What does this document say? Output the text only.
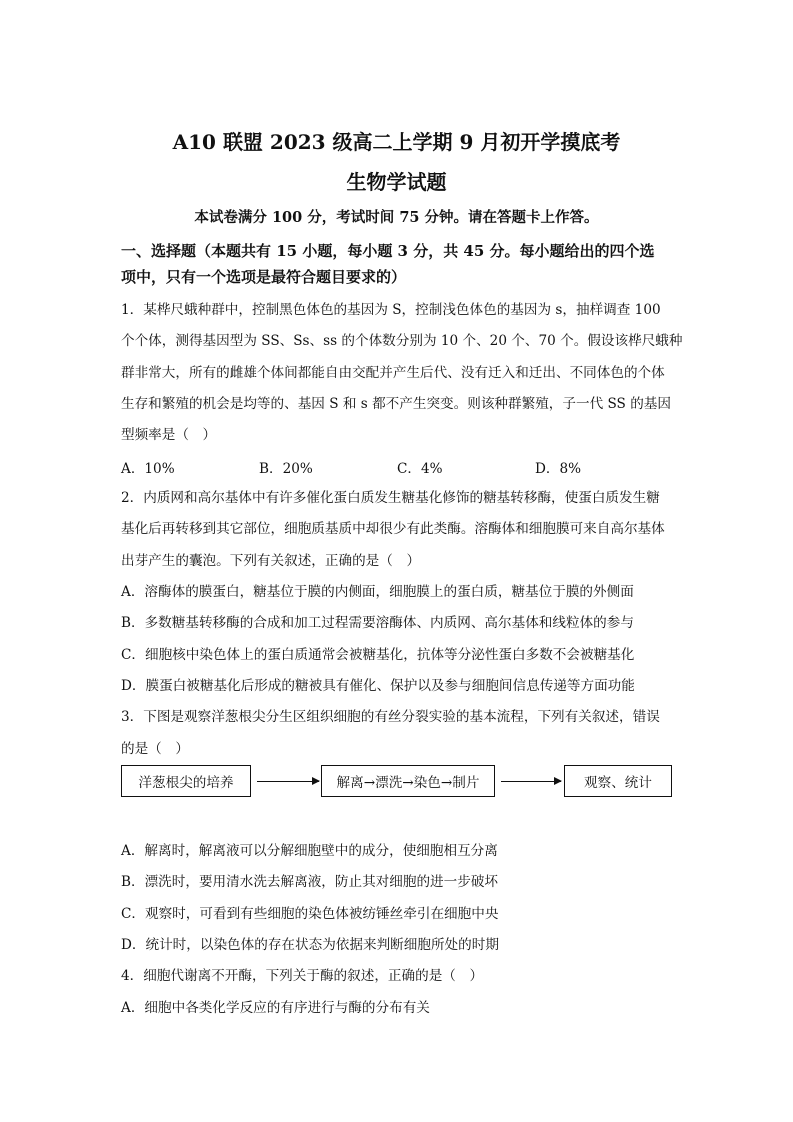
A10 联盟 2023 级高二上学期 9 月初开学摸底考
生物学试题
本试卷满分 100 分，考试时间 75 分钟。请在答题卡上作答。
一、选择题（本题共有 15 小题，每小题 3 分，共 45 分。每小题给出的四个选
项中，只有一个选项是最符合题目要求的）
1．某桦尺蛾种群中，控制黑色体色的基因为 S，控制浅色体色的基因为 s，抽样调查 100
个个体，测得基因型为 SS、Ss、ss 的个体数分别为 10 个、20 个、70 个。假设该桦尺蛾种
群非常大，所有的雌雄个体间都能自由交配并产生后代、没有迁入和迁出、不同体色的个体
生存和繁殖的机会是均等的、基因 S 和 s 都不产生突变。则该种群繁殖，子一代 SS 的基因
型频率是（　）
A．10%	B．20%	C．4%	D．8%
2．内质网和高尔基体中有许多催化蛋白质发生糖基化修饰的糖基转移酶，使蛋白质发生糖
基化后再转移到其它部位，细胞质基质中却很少有此类酶。溶酶体和细胞膜可来自高尔基体
出芽产生的囊泡。下列有关叙述，正确的是（　）
A．溶酶体的膜蛋白，糖基位于膜的内侧面，细胞膜上的蛋白质，糖基位于膜的外侧面
B．多数糖基转移酶的合成和加工过程需要溶酶体、内质网、高尔基体和线粒体的参与
C．细胞核中染色体上的蛋白质通常会被糖基化，抗体等分泌性蛋白多数不会被糖基化
D．膜蛋白被糖基化后形成的糖被具有催化、保护以及参与细胞间信息传递等方面功能
3．下图是观察洋葱根尖分生区组织细胞的有丝分裂实验的基本流程，下列有关叙述，错误
的是（　）
洋葱根尖的培养	解离→漂洗→染色→制片	观察、统计
A．解离时，解离液可以分解细胞壁中的成分，使细胞相互分离
B．漂洗时，要用清水洗去解离液，防止其对细胞的进一步破坏
C．观察时，可看到有些细胞的染色体被纺锤丝牵引在细胞中央
D．统计时，以染色体的存在状态为依据来判断细胞所处的时期
4．细胞代谢离不开酶，下列关于酶的叙述，正确的是（　）
A．细胞中各类化学反应的有序进行与酶的分布有关
